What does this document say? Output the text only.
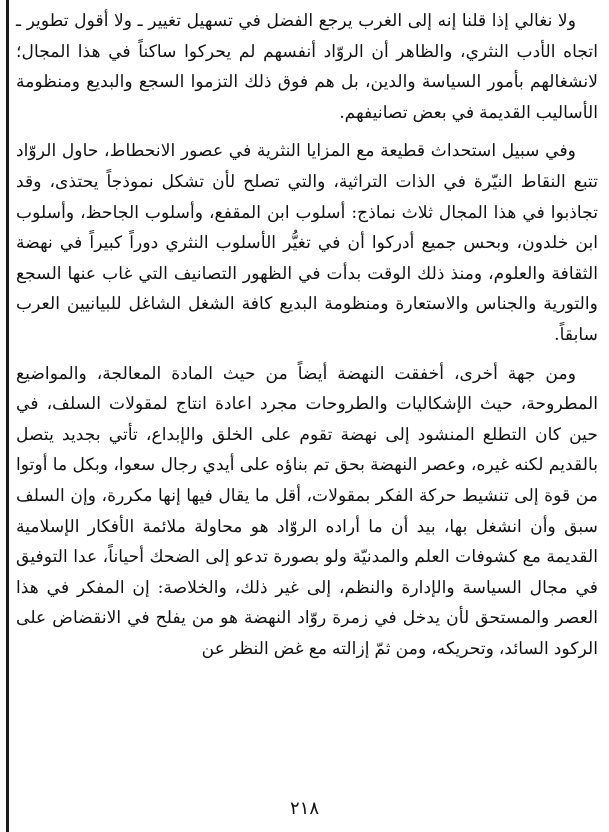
ولا نغالي إذا قلنا إنه إلى الغرب يرجع الفضل في تسهيل تغيير ـ ولا أقول تطوير ـ اتجاه الأدب النثري، والظاهر أن الروّاد أنفسهم لم يحركوا ساكناً في هذا المجال؛ لانشغالهم بأمور السياسة والدين، بل هم فوق ذلك التزموا السجع والبديع ومنظومة الأساليب القديمة في بعض تصانيفهم.

وفي سبيل استحداث قطيعة مع المزايا النثرية في عصور الانحطاط، حاول الروّاد تتبع النقاط النيّرة في الذات التراثية، والتي تصلح لأن تشكل نموذجاً يحتذى، وقد تجاذبوا في هذا المجال ثلاث نماذج: أسلوب ابن المقفع، وأسلوب الجاحظ، وأسلوب ابن خلدون، وبحس جميع أدركوا أن في تغيُّر الأسلوب النثري دوراً كبيراً في نهضة الثقافة والعلوم، ومنذ ذلك الوقت بدأت في الظهور التصانيف التي غاب عنها السجع والتورية والجناس والاستعارة ومنظومة البديع كافة الشغل الشاغل للبيانيين العرب سابقاً.

ومن جهة أخرى، أخفقت النهضة أيضاً من حيث المادة المعالجة، والمواضيع المطروحة، حيث الإشكاليات والطروحات مجرد اعادة انتاج لمقولات السلف، في حين كان التطلع المنشود إلى نهضة تقوم على الخلق والإبداع، تأتي بجديد يتصل بالقديم لكنه غيره، وعصر النهضة بحق تم بناؤه على أيدي رجال سعوا، وبكل ما أوتوا من قوة إلى تنشيط حركة الفكر بمقولات، أقل ما يقال فيها إنها مكررة، وإن السلف سبق وأن انشغل بها، بيد أن ما أراده الروّاد هو محاولة ملائمة الأفكار الإسلامية القديمة مع كشوفات العلم والمدنيّة ولو بصورة تدعو إلى الضحك أحياناً، عدا التوفيق في مجال السياسة والإدارة والنظم، إلى غير ذلك، والخلاصة: إن المفكر في هذا العصر والمستحق لأن يدخل في زمرة روّاد النهضة هو من يفلح في الانقضاض على الركود السائد، وتحريكه، ومن ثمّ إزالته مع غض النظر عن

٢١٨
